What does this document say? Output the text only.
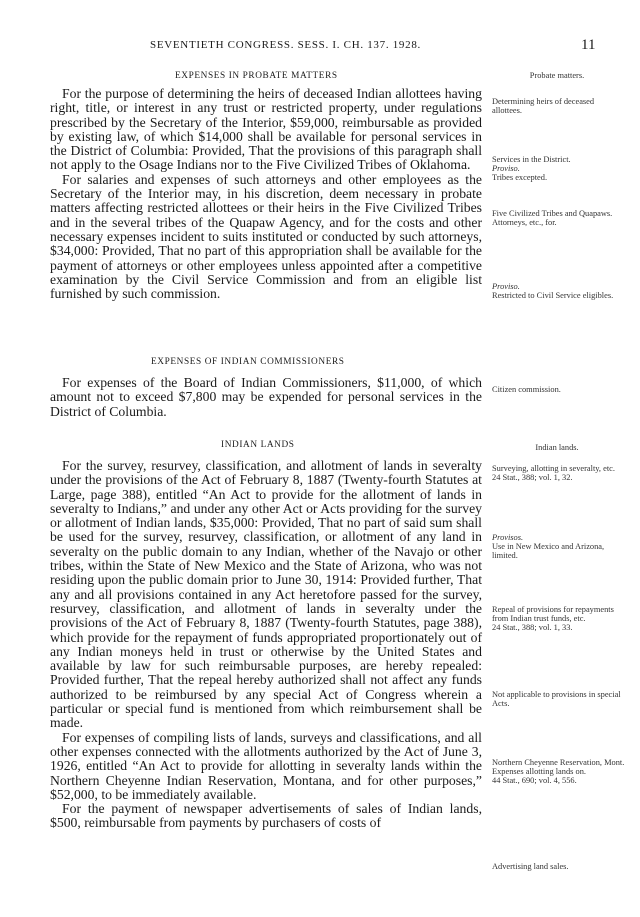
SEVENTIETH CONGRESS. SESS. I. CH. 137. 1928.	11
EXPENSES IN PROBATE MATTERS

For the purpose of determining the heirs of deceased Indian allottees having right, title, or interest in any trust or restricted property, under regulations prescribed by the Secretary of the Interior, $59,000, reimbursable as provided by existing law, of which $14,000 shall be available for personal services in the District of Columbia: Provided, That the provisions of this paragraph shall not apply to the Osage Indians nor to the Five Civilized Tribes of Oklahoma.

For salaries and expenses of such attorneys and other employees as the Secretary of the Interior may, in his discretion, deem necessary in probate matters affecting restricted allottees or their heirs in the Five Civilized Tribes and in the several tribes of the Quapaw Agency, and for the costs and other necessary expenses incident to suits instituted or conducted by such attorneys, $34,000: Provided, That no part of this appropriation shall be available for the payment of attorneys or other employees unless appointed after a competitive examination by the Civil Service Commission and from an eligible list furnished by such commission.

EXPENSES OF INDIAN COMMISSIONERS

For expenses of the Board of Indian Commissioners, $11,000, of which amount not to exceed $7,800 may be expended for personal services in the District of Columbia.

INDIAN LANDS

For the survey, resurvey, classification, and allotment of lands in severalty under the provisions of the Act of February 8, 1887 (Twenty-fourth Statutes at Large, page 388), entitled “An Act to provide for the allotment of lands in severalty to Indians,” and under any other Act or Acts providing for the survey or allotment of Indian lands, $35,000: Provided, That no part of said sum shall be used for the survey, resurvey, classification, or allotment of any land in severalty on the public domain to any Indian, whether of the Navajo or other tribes, within the State of New Mexico and the State of Arizona, who was not residing upon the public domain prior to June 30, 1914: Provided further, That any and all provisions contained in any Act heretofore passed for the survey, resurvey, classification, and allotment of lands in severalty under the provisions of the Act of February 8, 1887 (Twenty-fourth Statutes, page 388), which provide for the repayment of funds appropriated proportionately out of any Indian moneys held in trust or otherwise by the United States and available by law for such reimbursable purposes, are hereby repealed: Provided further, That the repeal hereby authorized shall not affect any funds authorized to be reimbursed by any special Act of Congress wherein a particular or special fund is mentioned from which reimbursement shall be made.

For expenses of compiling lists of lands, surveys and classifications, and all other expenses connected with the allotments authorized by the Act of June 3, 1926, entitled “An Act to provide for allotting in severalty lands within the Northern Cheyenne Indian Reservation, Montana, and for other purposes,” $52,000, to be immediately available.

For the payment of newspaper advertisements of sales of Indian lands, $500, reimbursable from payments by purchasers of costs of

Probate matters.
Determining heirs of deceased allottees.
Services in the District.
Proviso.
Tribes excepted.
Five Civilized Tribes and Quapaws.
Attorneys, etc., for.
Proviso.
Restricted to Civil Service eligibles.
Citizen commission.
Indian lands.
Surveying, allotting in severalty, etc.
24 Stat., 388; vol. 1, 32.
Provisos.
Use in New Mexico and Arizona, limited.
Repeal of provisions for repayments from Indian trust funds, etc.
24 Stat., 388; vol. 1, 33.
Not applicable to provisions in special Acts.
Northern Cheyenne Reservation, Mont.
Expenses allotting lands on.
44 Stat., 690; vol. 4, 556.
Advertising land sales.
